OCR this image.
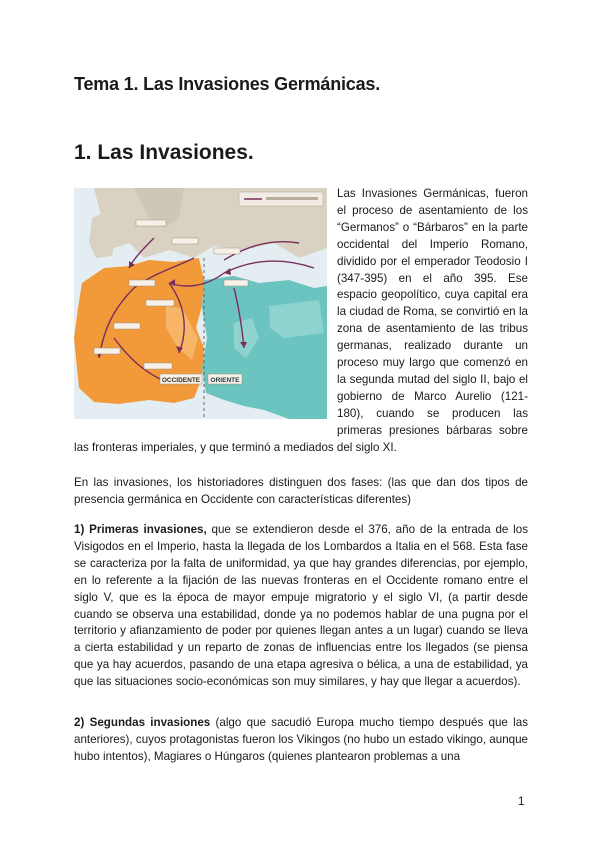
Tema 1. Las Invasiones Germánicas.
1. Las Invasiones.
OCCIDENTE ORIENTE
Las Invasiones Germánicas, fueron el proceso de asentamiento de los “Germanos” o “Bárbaros” en la parte occidental del Imperio Romano, dividido por el emperador Teodosio I (347-395) en el año 395. Ese espacio geopolítico, cuya capital era la ciudad de Roma, se convirtió en la zona de asentamiento de las tribus germanas, realizado durante un proceso muy largo que comenzó en la segunda mutad del siglo II, bajo el gobierno de Marco Aurelio (121-180), cuando se producen las primeras presiones bárbaras sobre las fronteras imperiales, y que terminó a mediados del siglo XI.

En las invasiones, los historiadores distinguen dos fases: (las que dan dos tipos de presencia germánica en Occidente con características diferentes)

1) Primeras invasiones, que se extendieron desde el 376, año de la entrada de los Visigodos en el Imperio, hasta la llegada de los Lombardos a Italia en el 568. Esta fase se caracteriza por la falta de uniformidad, ya que hay grandes diferencias, por ejemplo, en lo referente a la fijación de las nuevas fronteras en el Occidente romano entre el siglo V, que es la época de mayor empuje migratorio y el siglo VI, (a partir desde cuando se observa una estabilidad, donde ya no podemos hablar de una pugna por el territorio y afianzamiento de poder por quienes llegan antes a un lugar) cuando se lleva a cierta estabilidad y un reparto de zonas de influencias entre los llegados (se piensa que ya hay acuerdos, pasando de una etapa agresiva o bélica, a una de estabilidad, ya que las situaciones socio-económicas son muy similares, y hay que llegar a acuerdos).

2) Segundas invasiones (algo que sacudió Europa mucho tiempo después que las anteriores), cuyos protagonistas fueron los Vikingos (no hubo un estado vikingo, aunque hubo intentos), Magiares o Húngaros (quienes plantearon problemas a una

1
